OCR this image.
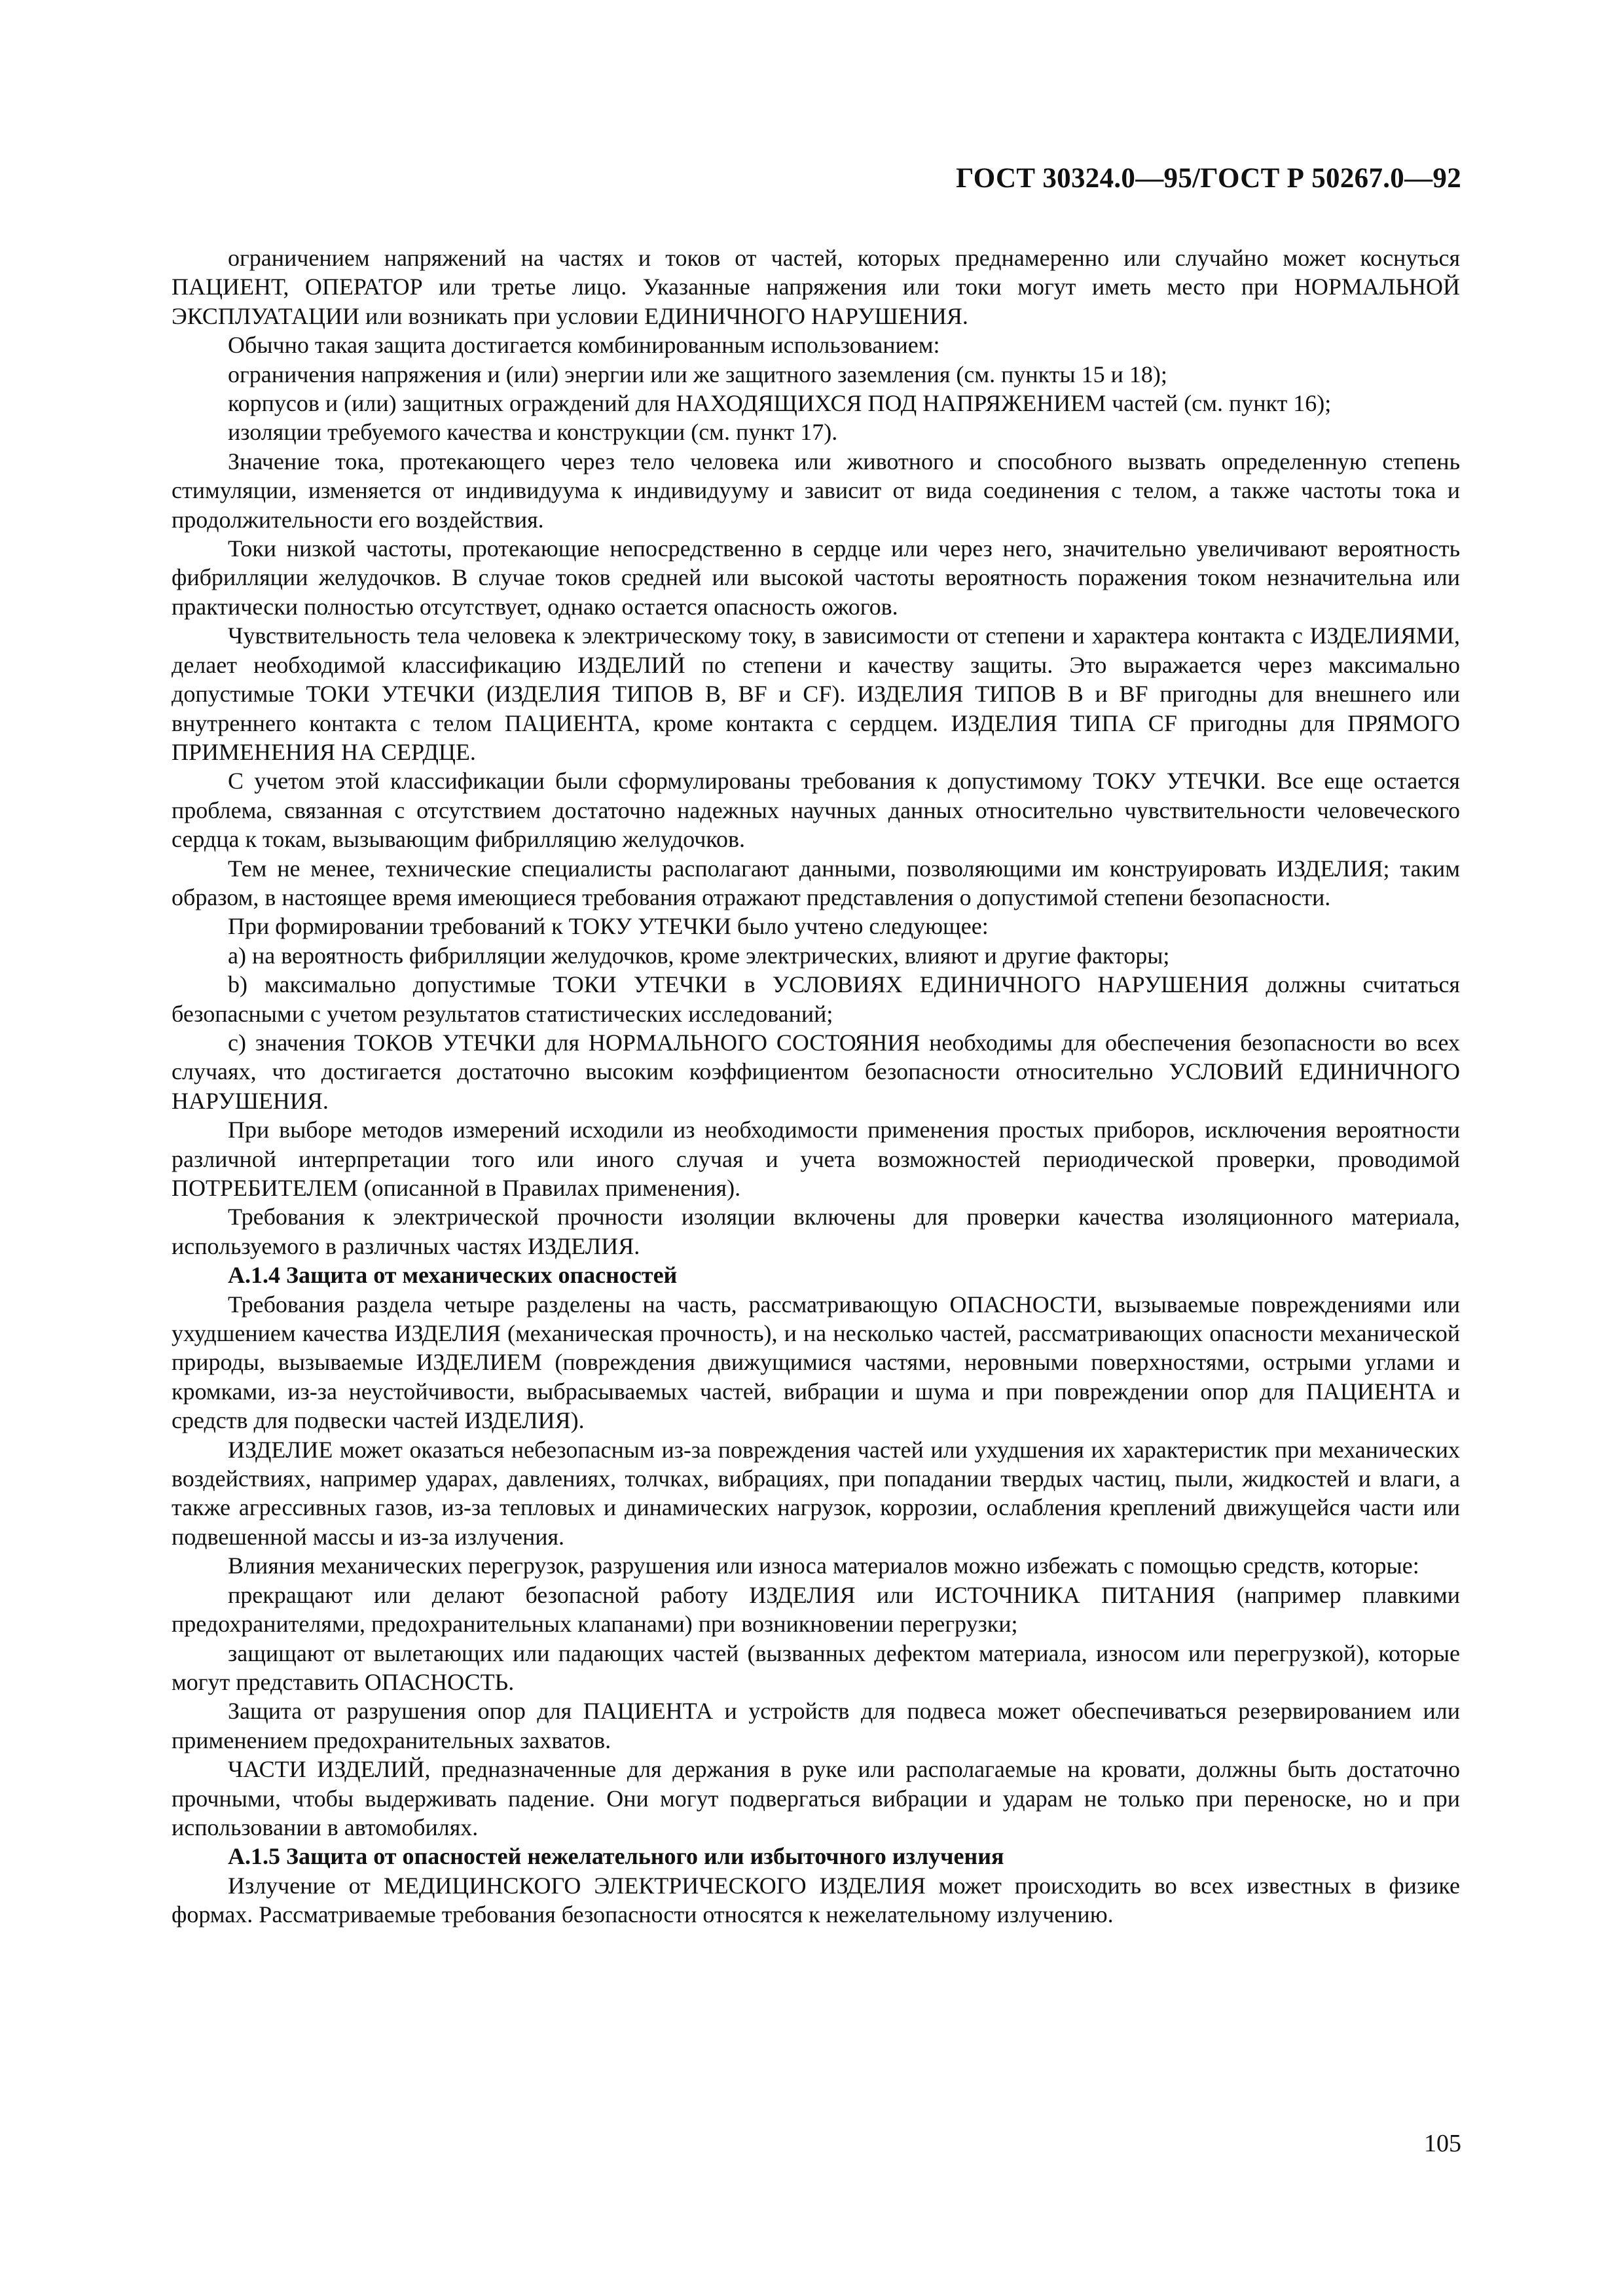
ГОСТ 30324.0—95/ГОСТ Р 50267.0—92

ограничением напряжений на частях и токов от частей, которых преднамеренно или случайно может коснуться ПАЦИЕНТ, ОПЕРАТОР или третье лицо. Указанные напряжения или токи могут иметь место при НОРМАЛЬНОЙ ЭКСПЛУАТАЦИИ или возникать при условии ЕДИНИЧНОГО НАРУШЕНИЯ.

Обычно такая защита достигается комбинированным использованием:

ограничения напряжения и (или) энергии или же защитного заземления (см. пункты 15 и 18);

корпусов и (или) защитных ограждений для НАХОДЯЩИХСЯ ПОД НАПРЯЖЕНИЕМ частей (см. пункт 16);

изоляции требуемого качества и конструкции (см. пункт 17).

Значение тока, протекающего через тело человека или животного и способного вызвать определенную степень стимуляции, изменяется от индивидуума к индивидууму и зависит от вида соединения с телом, а также частоты тока и продолжительности его воздействия.

Токи низкой частоты, протекающие непосредственно в сердце или через него, значительно увеличивают вероятность фибрилляции желудочков. В случае токов средней или высокой частоты вероятность поражения током незначительна или практически полностью отсутствует, однако остается опасность ожогов.

Чувствительность тела человека к электрическому току, в зависимости от степени и характера контакта с ИЗДЕЛИЯМИ, делает необходимой классификацию ИЗДЕЛИЙ по степени и качеству защиты. Это выражается через максимально допустимые ТОКИ УТЕЧКИ (ИЗДЕЛИЯ ТИПОВ B, BF и CF). ИЗДЕЛИЯ ТИПОВ B и BF пригодны для внешнего или внутреннего контакта с телом ПАЦИЕНТА, кроме контакта с сердцем. ИЗДЕЛИЯ ТИПА CF пригодны для ПРЯМОГО ПРИМЕНЕНИЯ НА СЕРДЦЕ.

С учетом этой классификации были сформулированы требования к допустимому ТОКУ УТЕЧКИ. Все еще остается проблема, связанная с отсутствием достаточно надежных научных данных относительно чувствительности человеческого сердца к токам, вызывающим фибрилляцию желудочков.

Тем не менее, технические специалисты располагают данными, позволяющими им конструировать ИЗДЕЛИЯ; таким образом, в настоящее время имеющиеся требования отражают представления о допустимой степени безопасности.

При формировании требований к ТОКУ УТЕЧКИ было учтено следующее:

a) на вероятность фибрилляции желудочков, кроме электрических, влияют и другие факторы;

b) максимально допустимые ТОКИ УТЕЧКИ в УСЛОВИЯХ ЕДИНИЧНОГО НАРУШЕНИЯ должны считаться безопасными с учетом результатов статистических исследований;

c) значения ТОКОВ УТЕЧКИ для НОРМАЛЬНОГО СОСТОЯНИЯ необходимы для обеспечения безопасности во всех случаях, что достигается достаточно высоким коэффициентом безопасности относительно УСЛОВИЙ ЕДИНИЧНОГО НАРУШЕНИЯ.

При выборе методов измерений исходили из необходимости применения простых приборов, исключения вероятности различной интерпретации того или иного случая и учета возможностей периодической проверки, проводимой ПОТРЕБИТЕЛЕМ (описанной в Правилах применения).

Требования к электрической прочности изоляции включены для проверки качества изоляционного материала, используемого в различных частях ИЗДЕЛИЯ.

A.1.4 Защита от механических опасностей

Требования раздела четыре разделены на часть, рассматривающую ОПАСНОСТИ, вызываемые повреждениями или ухудшением качества ИЗДЕЛИЯ (механическая прочность), и на несколько частей, рассматривающих опасности механической природы, вызываемые ИЗДЕЛИЕМ (повреждения движущимися частями, неровными поверхностями, острыми углами и кромками, из-за неустойчивости, выбрасываемых частей, вибрации и шума и при повреждении опор для ПАЦИЕНТА и средств для подвески частей ИЗДЕЛИЯ).

ИЗДЕЛИЕ может оказаться небезопасным из-за повреждения частей или ухудшения их характеристик при механических воздействиях, например ударах, давлениях, толчках, вибрациях, при попадании твердых частиц, пыли, жидкостей и влаги, а также агрессивных газов, из-за тепловых и динамических нагрузок, коррозии, ослабления креплений движущейся части или подвешенной массы и из-за излучения.

Влияния механических перегрузок, разрушения или износа материалов можно избежать с помощью средств, которые:

прекращают или делают безопасной работу ИЗДЕЛИЯ или ИСТОЧНИКА ПИТАНИЯ (например плавкими предохранителями, предохранительных клапанами) при возникновении перегрузки;

защищают от вылетающих или падающих частей (вызванных дефектом материала, износом или перегрузкой), которые могут представить ОПАСНОСТЬ.

Защита от разрушения опор для ПАЦИЕНТА и устройств для подвеса может обеспечиваться резервированием или применением предохранительных захватов.

ЧАСТИ ИЗДЕЛИЙ, предназначенные для держания в руке или располагаемые на кровати, должны быть достаточно прочными, чтобы выдерживать падение. Они могут подвергаться вибрации и ударам не только при переноске, но и при использовании в автомобилях.

A.1.5 Защита от опасностей нежелательного или избыточного излучения

Излучение от МЕДИЦИНСКОГО ЭЛЕКТРИЧЕСКОГО ИЗДЕЛИЯ может происходить во всех известных в физике формах. Рассматриваемые требования безопасности относятся к нежелательному излучению.

105
